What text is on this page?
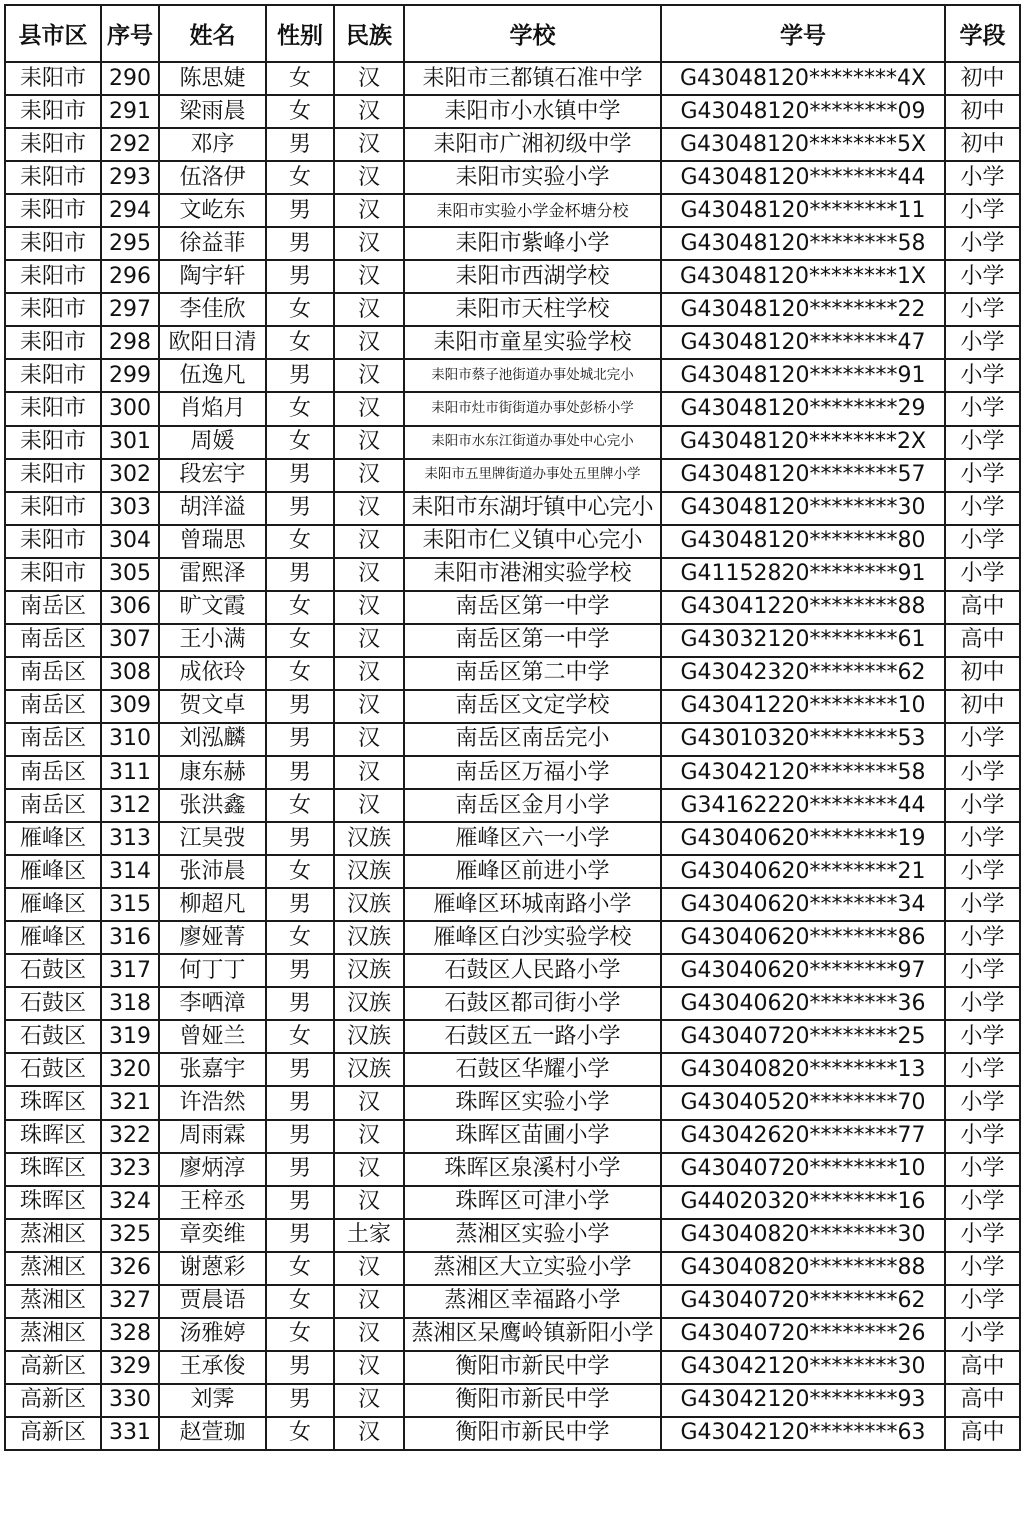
县市区	序号	姓名	性别	民族	学校	学号	学段
耒阳市	290	陈思婕	女	汉	耒阳市三都镇石准中学	G43048120********4X	初中
耒阳市	291	梁雨晨	女	汉	耒阳市小水镇中学	G43048120********09	初中
耒阳市	292	邓序	男	汉	耒阳市广湘初级中学	G43048120********5X	初中
耒阳市	293	伍洛伊	女	汉	耒阳市实验小学	G43048120********44	小学
耒阳市	294	文屹东	男	汉	耒阳市实验小学金杯塘分校	G43048120********11	小学
耒阳市	295	徐益菲	男	汉	耒阳市紫峰小学	G43048120********58	小学
耒阳市	296	陶宇轩	男	汉	耒阳市西湖学校	G43048120********1X	小学
耒阳市	297	李佳欣	女	汉	耒阳市天柱学校	G43048120********22	小学
耒阳市	298	欧阳日清	女	汉	耒阳市童星实验学校	G43048120********47	小学
耒阳市	299	伍逸凡	男	汉	耒阳市蔡子池街道办事处城北完小	G43048120********91	小学
耒阳市	300	肖焰月	女	汉	耒阳市灶市街街道办事处彭桥小学	G43048120********29	小学
耒阳市	301	周媛	女	汉	耒阳市水东江街道办事处中心完小	G43048120********2X	小学
耒阳市	302	段宏宇	男	汉	耒阳市五里牌街道办事处五里牌小学	G43048120********57	小学
耒阳市	303	胡洋溢	男	汉	耒阳市东湖圩镇中心完小	G43048120********30	小学
耒阳市	304	曾瑞思	女	汉	耒阳市仁义镇中心完小	G43048120********80	小学
耒阳市	305	雷熙泽	男	汉	耒阳市港湘实验学校	G41152820********91	小学
南岳区	306	旷文霞	女	汉	南岳区第一中学	G43041220********88	高中
南岳区	307	王小满	女	汉	南岳区第一中学	G43032120********61	高中
南岳区	308	成依玲	女	汉	南岳区第二中学	G43042320********62	初中
南岳区	309	贺文卓	男	汉	南岳区文定学校	G43041220********10	初中
南岳区	310	刘泓麟	男	汉	南岳区南岳完小	G43010320********53	小学
南岳区	311	康东赫	男	汉	南岳区万福小学	G43042120********58	小学
南岳区	312	张洪鑫	女	汉	南岳区金月小学	G34162220********44	小学
雁峰区	313	江昊弢	男	汉族	雁峰区六一小学	G43040620********19	小学
雁峰区	314	张沛晨	女	汉族	雁峰区前进小学	G43040620********21	小学
雁峰区	315	柳超凡	男	汉族	雁峰区环城南路小学	G43040620********34	小学
雁峰区	316	廖娅菁	女	汉族	雁峰区白沙实验学校	G43040620********86	小学
石鼓区	317	何丁丁	男	汉族	石鼓区人民路小学	G43040620********97	小学
石鼓区	318	李哂漳	男	汉族	石鼓区都司街小学	G43040620********36	小学
石鼓区	319	曾娅兰	女	汉族	石鼓区五一路小学	G43040720********25	小学
石鼓区	320	张嘉宇	男	汉族	石鼓区华耀小学	G43040820********13	小学
珠晖区	321	许浩然	男	汉	珠晖区实验小学	G43040520********70	小学
珠晖区	322	周雨霖	男	汉	珠晖区苗圃小学	G43042620********77	小学
珠晖区	323	廖炳淳	男	汉	珠晖区泉溪村小学	G43040720********10	小学
珠晖区	324	王梓丞	男	汉	珠晖区可津小学	G44020320********16	小学
蒸湘区	325	章奕维	男	土家	蒸湘区实验小学	G43040820********30	小学
蒸湘区	326	谢蒽彩	女	汉	蒸湘区大立实验小学	G43040820********88	小学
蒸湘区	327	贾晨语	女	汉	蒸湘区幸福路小学	G43040720********62	小学
蒸湘区	328	汤雅婷	女	汉	蒸湘区呆鹰岭镇新阳小学	G43040720********26	小学
高新区	329	王承俊	男	汉	衡阳市新民中学	G43042120********30	高中
高新区	330	刘霁	男	汉	衡阳市新民中学	G43042120********93	高中
高新区	331	赵萱珈	女	汉	衡阳市新民中学	G43042120********63	高中
